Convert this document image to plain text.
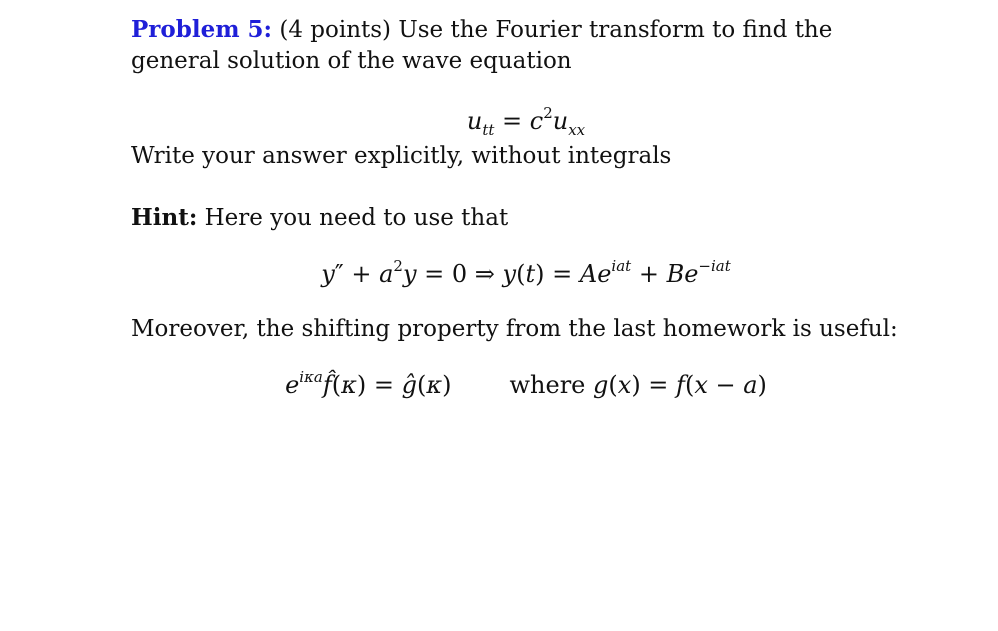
Problem 5: (4 points) Use the Fourier transform to find the general solution of the wave equation

$u_{tt} = c^2u_{xx}$

Write your answer explicitly, without integrals

Hint: Here you need to use that

$y'' + a^2y = 0$ ⇒ $y(t) = Ae^{iat} + Be^{-iat}$

Moreover, the shifting property from the last homework is useful:

$e^{i\kappa a}f̂(\kappa)$ = ĝ(κ) where g(x) = f(x − a)
